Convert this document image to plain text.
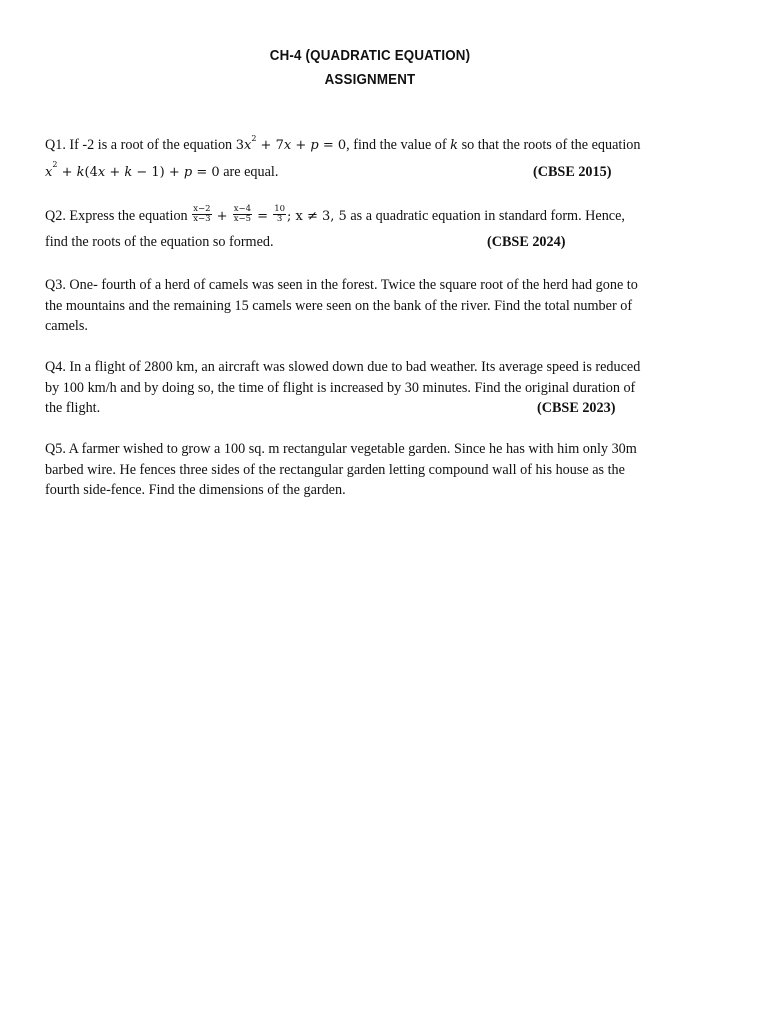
CH-4 (QUADRATIC EQUATION)
ASSIGNMENT
Q1. If -2 is a root of the equation $3x^2 + 7x + p = 0$, find the value of k so that the roots of the equation
$x^2 + k(4x + k - 1) + p = 0$ are equal.	(CBSE 2015)
Q2. Express the equation $\frac{x-2}{x-3} + \frac{x-4}{x-5} = \frac{10}{3}$ ; x ≠ 3, 5 as a quadratic equation in standard form. Hence,
find the roots of the equation so formed.	(CBSE 2024)
Q3. One- fourth of a herd of camels was seen in the forest. Twice the square root of the herd had gone to
the mountains and the remaining 15 camels were seen on the bank of the river. Find the total number of
camels.
Q4. In a flight of 2800 km, an aircraft was slowed down due to bad weather. Its average speed is reduced
by 100 km/h and by doing so, the time of flight is increased by 30 minutes. Find the original duration of
the flight.	(CBSE 2023)
Q5. A farmer wished to grow a 100 sq. m rectangular vegetable garden. Since he has with him only 30m
barbed wire. He fences three sides of the rectangular garden letting compound wall of his house as the
fourth side-fence. Find the dimensions of the garden.
